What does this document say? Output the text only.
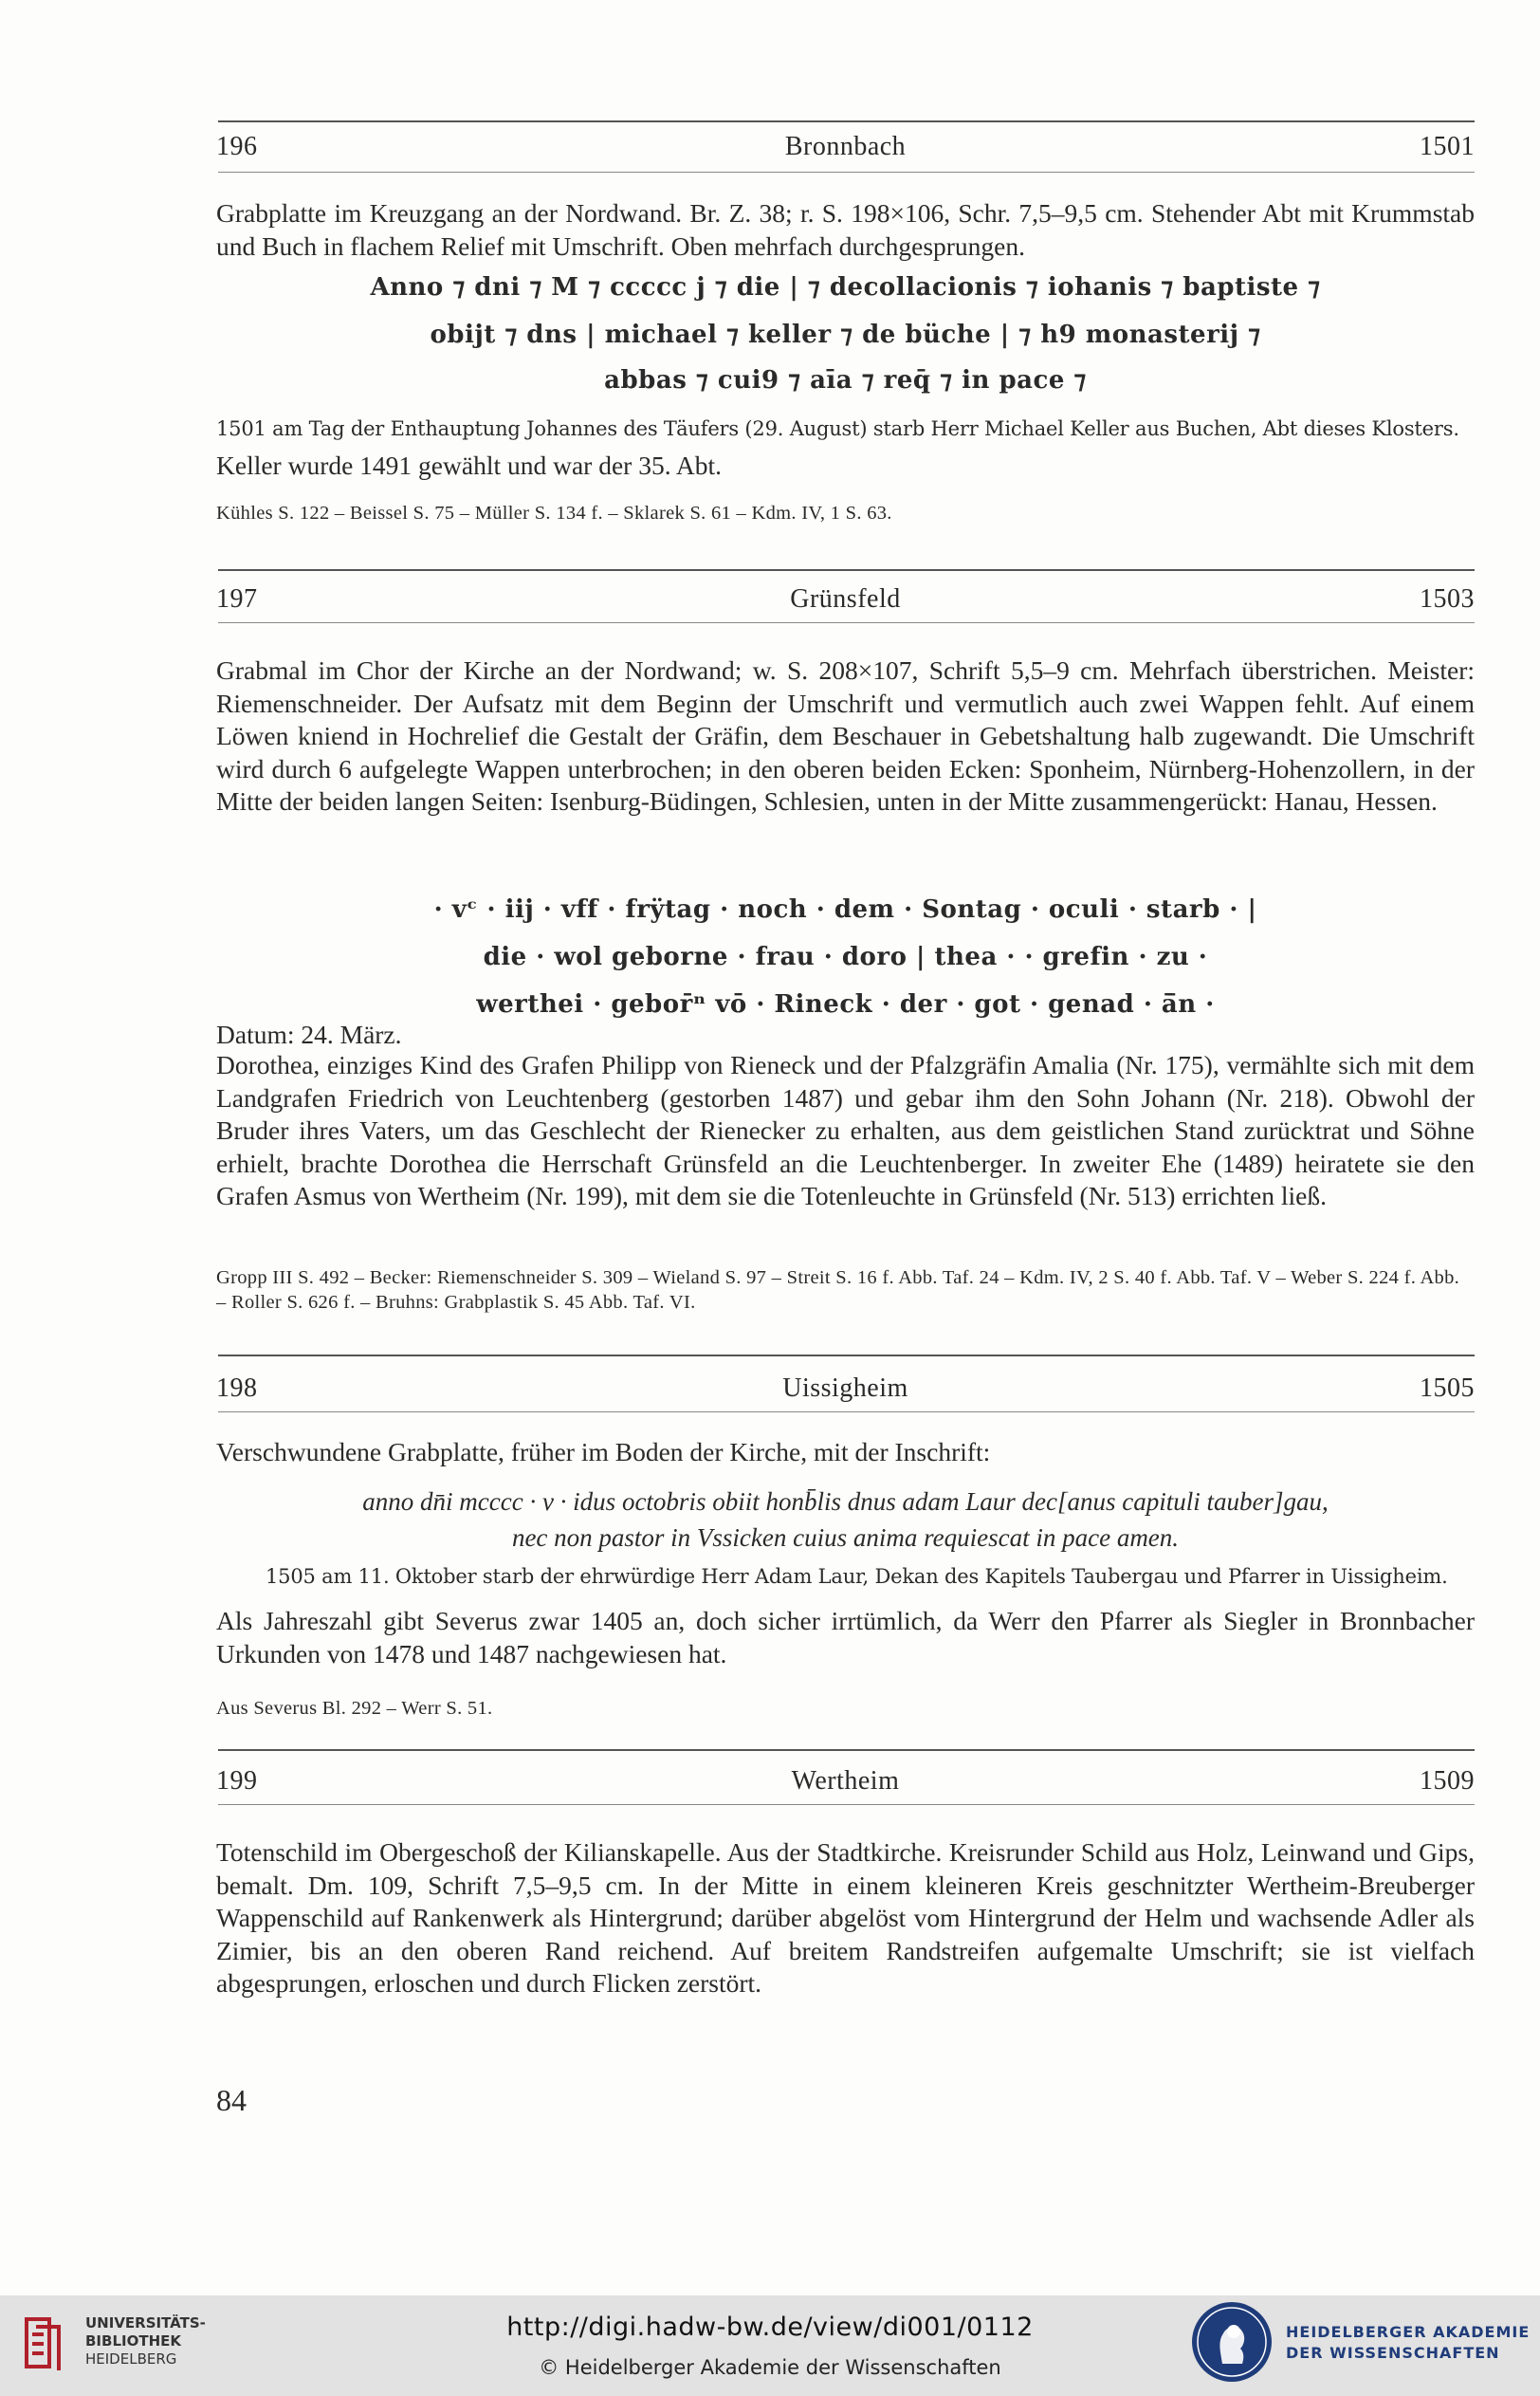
196	Bronnbach	1501
Grabplatte im Kreuzgang an der Nordwand. Br. Z. 38; r. S. 198×106, Schr. 7,5–9,5 cm. Stehender Abt mit Krummstab und Buch in flachem Relief mit Umschrift. Oben mehrfach durchgesprungen.
Anno ⁊ dni ⁊ M ⁊ ccccc j ⁊ die | ⁊ decollacionis ⁊ iohanis ⁊ baptiste ⁊
obijt ⁊ dns | michael ⁊ keller ⁊ de büche | ⁊ h9 monasterij ⁊
abbas ⁊ cui9 ⁊ aīa ⁊ req̄ ⁊ in pace ⁊
1501 am Tag der Enthauptung Johannes des Täufers (29. August) starb Herr Michael Keller aus Buchen, Abt dieses Klosters.
Keller wurde 1491 gewählt und war der 35. Abt.
Kühles S. 122 – Beissel S. 75 – Müller S. 134 f. – Sklarek S. 61 – Kdm. IV, 1 S. 63.
197	Grünsfeld	1503
Grabmal im Chor der Kirche an der Nordwand; w. S. 208×107, Schrift 5,5–9 cm. Mehrfach überstrichen. Meister: Riemenschneider. Der Aufsatz mit dem Beginn der Umschrift und vermutlich auch zwei Wappen fehlt. Auf einem Löwen kniend in Hochrelief die Gestalt der Gräfin, dem Beschauer in Gebetshaltung halb zugewandt. Die Umschrift wird durch 6 aufgelegte Wappen unterbrochen; in den oberen beiden Ecken: Sponheim, Nürnberg-Hohenzollern, in der Mitte der beiden langen Seiten: Isenburg-Büdingen, Schlesien, unten in der Mitte zusammengerückt: Hanau, Hessen.
· vᶜ · iij · vff · frÿtag · noch · dem · Sontag · oculi · starb · |
die · wol geborne · frau · doro | thea · · grefin · zu ·
werthei · gebor̄ⁿ vō · Rineck · der · got · genad · ā̄n ·
Datum: 24. März.
Dorothea, einziges Kind des Grafen Philipp von Rieneck und der Pfalzgräfin Amalia (Nr. 175), vermählte sich mit dem Landgrafen Friedrich von Leuchtenberg (gestorben 1487) und gebar ihm den Sohn Johann (Nr. 218). Obwohl der Bruder ihres Vaters, um das Geschlecht der Rienecker zu erhalten, aus dem geistlichen Stand zurücktrat und Söhne erhielt, brachte Dorothea die Herrschaft Grünsfeld an die Leuchtenberger. In zweiter Ehe (1489) heiratete sie den Grafen Asmus von Wertheim (Nr. 199), mit dem sie die Totenleuchte in Grünsfeld (Nr. 513) errichten ließ.
Gropp III S. 492 – Becker: Riemenschneider S. 309 – Wieland S. 97 – Streit S. 16 f. Abb. Taf. 24 – Kdm. IV, 2 S. 40 f. Abb. Taf. V – Weber S. 224 f. Abb. – Roller S. 626 f. – Bruhns: Grabplastik S. 45 Abb. Taf. VI.
198	Uissigheim	1505
Verschwundene Grabplatte, früher im Boden der Kirche, mit der Inschrift:
anno dn̄i mcccc · v · idus octobris obiit honb̄lis dnus adam Laur dec[anus capituli tauber]gau,
nec non pastor in Vssicken cuius anima requiescat in pace amen.
1505 am 11. Oktober starb der ehrwürdige Herr Adam Laur, Dekan des Kapitels Taubergau und Pfarrer in Uissigheim.
Als Jahreszahl gibt Severus zwar 1405 an, doch sicher irrtümlich, da Werr den Pfarrer als Siegler in Bronnbacher Urkunden von 1478 und 1487 nachgewiesen hat.
Aus Severus Bl. 292 – Werr S. 51.
199	Wertheim	1509
Totenschild im Obergeschoß der Kilianskapelle. Aus der Stadtkirche. Kreisrunder Schild aus Holz, Leinwand und Gips, bemalt. Dm. 109, Schrift 7,5–9,5 cm. In der Mitte in einem kleineren Kreis geschnitzter Wertheim-Breuberger Wappenschild auf Rankenwerk als Hintergrund; darüber abgelöst vom Hintergrund der Helm und wachsende Adler als Zimier, bis an den oberen Rand reichend. Auf breitem Randstreifen aufgemalte Umschrift; sie ist vielfach abgesprungen, erloschen und durch Flicken zerstört.
84
http://digi.hadw-bw.de/view/di001/0112
© Heidelberger Akademie der Wissenschaften
UNIVERSITÄTS-
BIBLIOTHEK
HEIDELBERG
HEIDELBERGER AKADEMIE
DER WISSENSCHAFTEN
